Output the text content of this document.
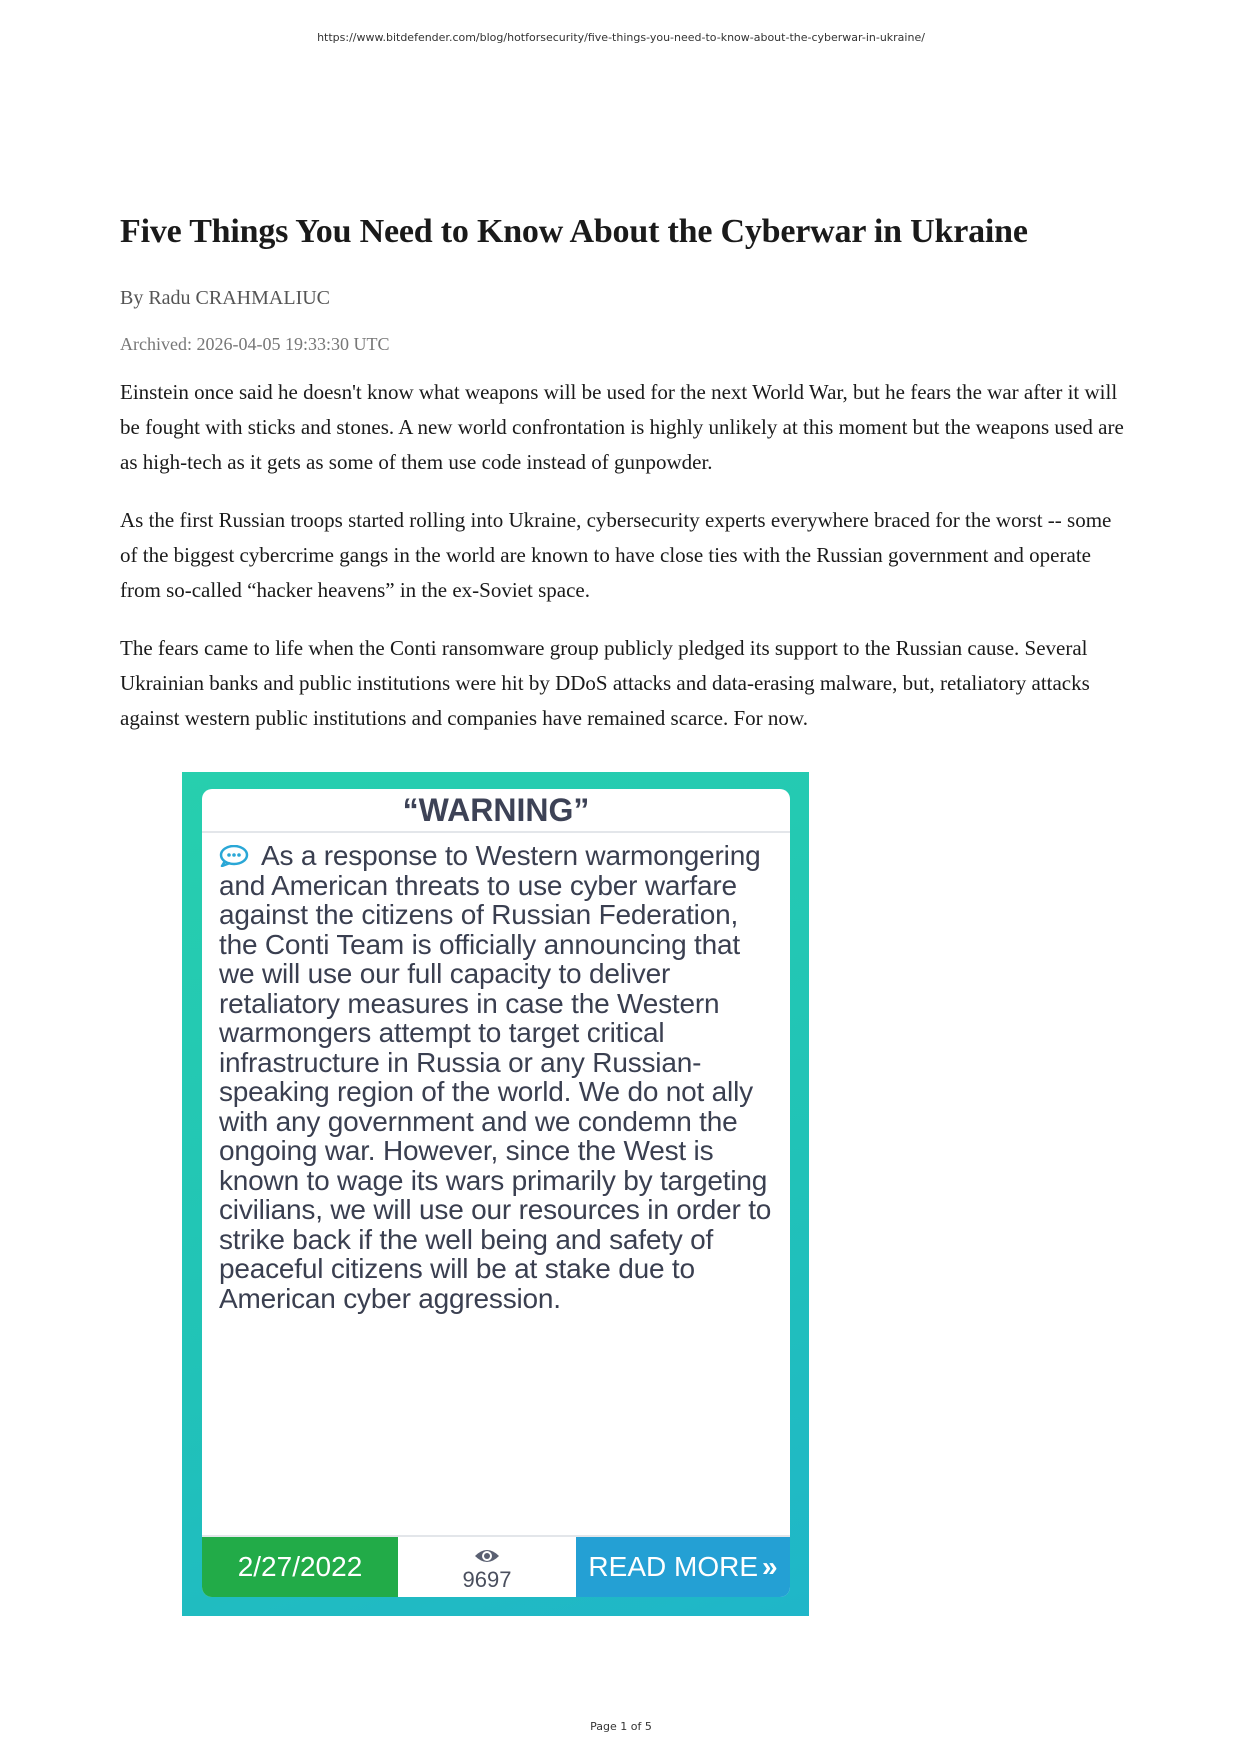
https://www.bitdefender.com/blog/hotforsecurity/five-things-you-need-to-know-about-the-cyberwar-in-ukraine/
Five Things You Need to Know About the Cyberwar in Ukraine
By Radu CRAHMALIUC
Archived: 2026-04-05 19:33:30 UTC

Einstein once said he doesn't know what weapons will be used for the next World War, but he fears the war after it will be fought with sticks and stones. A new world confrontation is highly unlikely at this moment but the weapons used are as high-tech as it gets as some of them use code instead of gunpowder.

As the first Russian troops started rolling into Ukraine, cybersecurity experts everywhere braced for the worst -- some of the biggest cybercrime gangs in the world are known to have close ties with the Russian government and operate from so-called “hacker heavens” in the ex-Soviet space.

The fears came to life when the Conti ransomware group publicly pledged its support to the Russian cause. Several Ukrainian banks and public institutions were hit by DDoS attacks and data-erasing malware, but, retaliatory attacks against western public institutions and companies have remained scarce. For now.

“WARNING”
As a response to Western warmongering and American threats to use cyber warfare against the citizens of Russian Federation, the Conti Team is officially announcing that we will use our full capacity to deliver retaliatory measures in case the Western warmongers attempt to target critical infrastructure in Russia or any Russian-speaking region of the world. We do not ally with any government and we condemn the ongoing war. However, since the West is known to wage its wars primarily by targeting civilians, we will use our resources in order to strike back if the well being and safety of peaceful citizens will be at stake due to American cyber aggression.
2/27/2022	9697	READ MORE »
Page 1 of 5
